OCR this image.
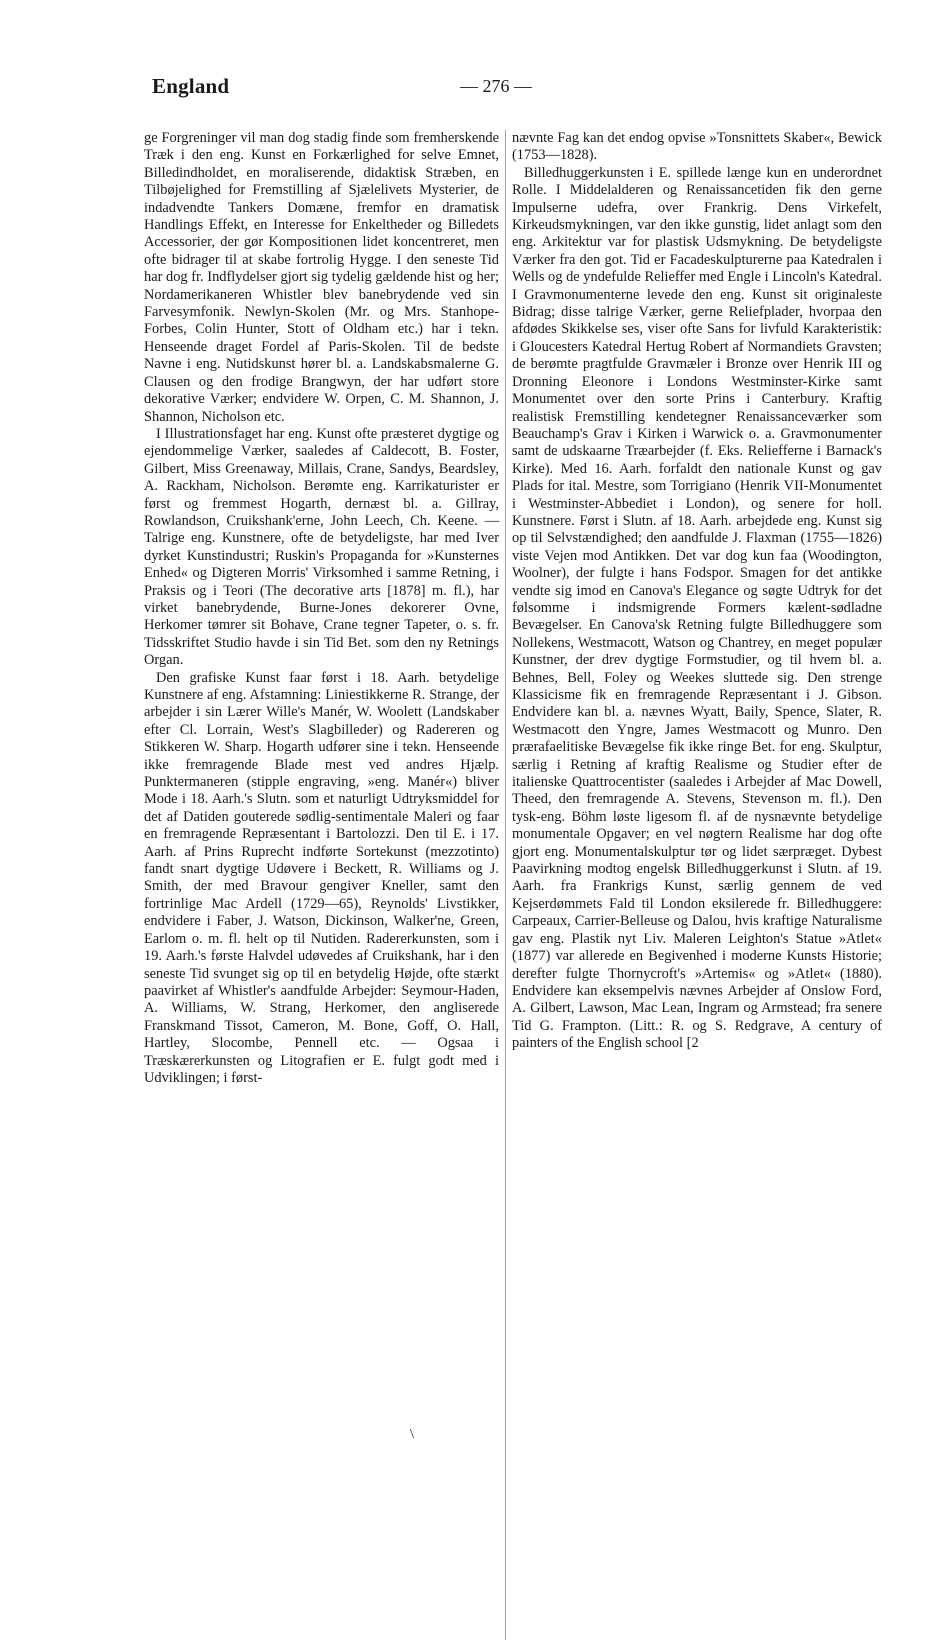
England	— 276 —

ge Forgreninger vil man dog stadig finde som fremherskende Træk i den eng. Kunst en Forkærlighed for selve Emnet, Billedindholdet, en moraliserende, didaktisk Stræben, en Tilbøjelighed for Fremstilling af Sjælelivets Mysterier, de indadvendte Tankers Domæne, fremfor en dramatisk Handlings Effekt, en Interesse for Enkeltheder og Billedets Accessorier, der gør Kompositionen lidet koncentreret, men ofte bidrager til at skabe fortrolig Hygge. I den seneste Tid har dog fr. Indflydelser gjort sig tydelig gældende hist og her; Nordamerikaneren Whistler blev banebrydende ved sin Farvesymfonik. Newlyn-Skolen (Mr. og Mrs. Stanhope-Forbes, Colin Hunter, Stott of Oldham etc.) har i tekn. Henseende draget Fordel af Paris-Skolen. Til de bedste Navne i eng. Nutidskunst hører bl. a. Landskabsmalerne G. Clausen og den frodige Brangwyn, der har udført store dekorative Værker; endvidere W. Orpen, C. M. Shannon, J. Shannon, Nicholson etc.

I Illustrationsfaget har eng. Kunst ofte præsteret dygtige og ejendommelige Værker, saaledes af Caldecott, B. Foster, Gilbert, Miss Greenaway, Millais, Crane, Sandys, Beardsley, A. Rackham, Nicholson. Berømte eng. Karrikaturister er først og fremmest Hogarth, dernæst bl. a. Gillray, Rowlandson, Cruikshank'erne, John Leech, Ch. Keene. — Talrige eng. Kunstnere, ofte de betydeligste, har med Iver dyrket Kunstindustri; Ruskin's Propaganda for »Kunsternes Enhed« og Digteren Morris' Virksomhed i samme Retning, i Praksis og i Teori (The decorative arts [1878] m. fl.), har virket banebrydende, Burne-Jones dekorerer Ovne, Herkomer tømrer sit Bohave, Crane tegner Tapeter, o. s. fr. Tidsskriftet Studio havde i sin Tid Bet. som den ny Retnings Organ.

Den grafiske Kunst faar først i 18. Aarh. betydelige Kunstnere af eng. Afstamning: Liniestikkerne R. Strange, der arbejder i sin Lærer Wille's Manér, W. Woolett (Landskaber efter Cl. Lorrain, West's Slagbilleder) og Radereren og Stikkeren W. Sharp. Hogarth udfører sine i tekn. Henseende ikke fremragende Blade mest ved andres Hjælp. Punktermaneren (stipple engraving, »eng. Manér«) bliver Mode i 18. Aarh.'s Slutn. som et naturligt Udtryksmiddel for det af Datiden gouterede sødlig-sentimentale Maleri og faar en fremragende Repræsentant i Bartolozzi. Den til E. i 17. Aarh. af Prins Ruprecht indførte Sortekunst (mezzotinto) fandt snart dygtige Udøvere i Beckett, R. Williams og J. Smith, der med Bravour gengiver Kneller, samt den fortrinlige Mac Ardell (1729—65), Reynolds' Livstikker, endvidere i Faber, J. Watson, Dickinson, Walker'ne, Green, Earlom o. m. fl. helt op til Nutiden. Radererkunsten, som i 19. Aarh.'s første Halvdel udøvedes af Cruikshank, har i den seneste Tid svunget sig op til en betydelig Højde, ofte stærkt paavirket af Whistler's aandfulde Arbejder: Seymour-Haden, A. Williams, W. Strang, Herkomer, den angliserede Franskmand Tissot, Cameron, M. Bone, Goff, O. Hall, Hartley, Slocombe, Pennell etc. — Ogsaa i Træskærerkunsten og Litografien er E. fulgt godt med i Udviklingen; i først-

nævnte Fag kan det endog opvise »Tonsnittets Skaber«, Bewick (1753—1828).

Billedhuggerkunsten i E. spillede længe kun en underordnet Rolle. I Middelalderen og Renaissancetiden fik den gerne Impulserne udefra, over Frankrig. Dens Virkefelt, Kirkeudsmykningen, var den ikke gunstig, lidet anlagt som den eng. Arkitektur var for plastisk Udsmykning. De betydeligste Værker fra den got. Tid er Facadeskulpturerne paa Katedralen i Wells og de yndefulde Relieffer med Engle i Lincoln's Katedral. I Gravmonumenterne levede den eng. Kunst sit originaleste Bidrag; disse talrige Værker, gerne Reliefplader, hvorpaa den afdødes Skikkelse ses, viser ofte Sans for livfuld Karakteristik: i Gloucesters Katedral Hertug Robert af Normandiets Gravsten; de berømte pragtfulde Gravmæler i Bronze over Henrik III og Dronning Eleonore i Londons Westminster-Kirke samt Monumentet over den sorte Prins i Canterbury. Kraftig realistisk Fremstilling kendetegner Renaissanceværker som Beauchamp's Grav i Kirken i Warwick o. a. Gravmonumenter samt de udskaarne Træarbejder (f. Eks. Reliefferne i Barnack's Kirke). Med 16. Aarh. forfaldt den nationale Kunst og gav Plads for ital. Mestre, som Torrigiano (Henrik VII-Monumentet i Westminster-Abbediet i London), og senere for holl. Kunstnere. Først i Slutn. af 18. Aarh. arbejdede eng. Kunst sig op til Selvstændighed; den aandfulde J. Flaxman (1755—1826) viste Vejen mod Antikken. Det var dog kun faa (Woodington, Woolner), der fulgte i hans Fodspor. Smagen for det antikke vendte sig imod en Canova's Elegance og søgte Udtryk for det følsomme i indsmigrende Formers kælent-sødladne Bevægelser. En Canova'sk Retning fulgte Billedhuggere som Nollekens, Westmacott, Watson og Chantrey, en meget populær Kunstner, der drev dygtige Formstudier, og til hvem bl. a. Behnes, Bell, Foley og Weekes sluttede sig. Den strenge Klassicisme fik en fremragende Repræsentant i J. Gibson. Endvidere kan bl. a. nævnes Wyatt, Baily, Spence, Slater, R. Westmacott den Yngre, James Westmacott og Munro. Den prærafaelitiske Bevægelse fik ikke ringe Bet. for eng. Skulptur, særlig i Retning af kraftig Realisme og Studier efter de italienske Quattrocentister (saaledes i Arbejder af Mac Dowell, Theed, den fremragende A. Stevens, Stevenson m. fl.). Den tysk-eng. Böhm løste ligesom fl. af de nysnævnte betydelige monumentale Opgaver; en vel nøgtern Realisme har dog ofte gjort eng. Monumentalskulptur tør og lidet særpræget. Dybest Paavirkning modtog engelsk Billedhuggerkunst i Slutn. af 19. Aarh. fra Frankrigs Kunst, særlig gennem de ved Kejserdømmets Fald til London eksilerede fr. Billedhuggere: Carpeaux, Carrier-Belleuse og Dalou, hvis kraftige Naturalisme gav eng. Plastik nyt Liv. Maleren Leighton's Statue »Atlet« (1877) var allerede en Begivenhed i moderne Kunsts Historie; derefter fulgte Thornycroft's »Artemis« og »Atlet« (1880). Endvidere kan eksempelvis nævnes Arbejder af Onslow Ford, A. Gilbert, Lawson, Mac Lean, Ingram og Armstead; fra senere Tid G. Frampton. (Litt.: R. og S. Redgrave, A century of painters of the English school [2

\
